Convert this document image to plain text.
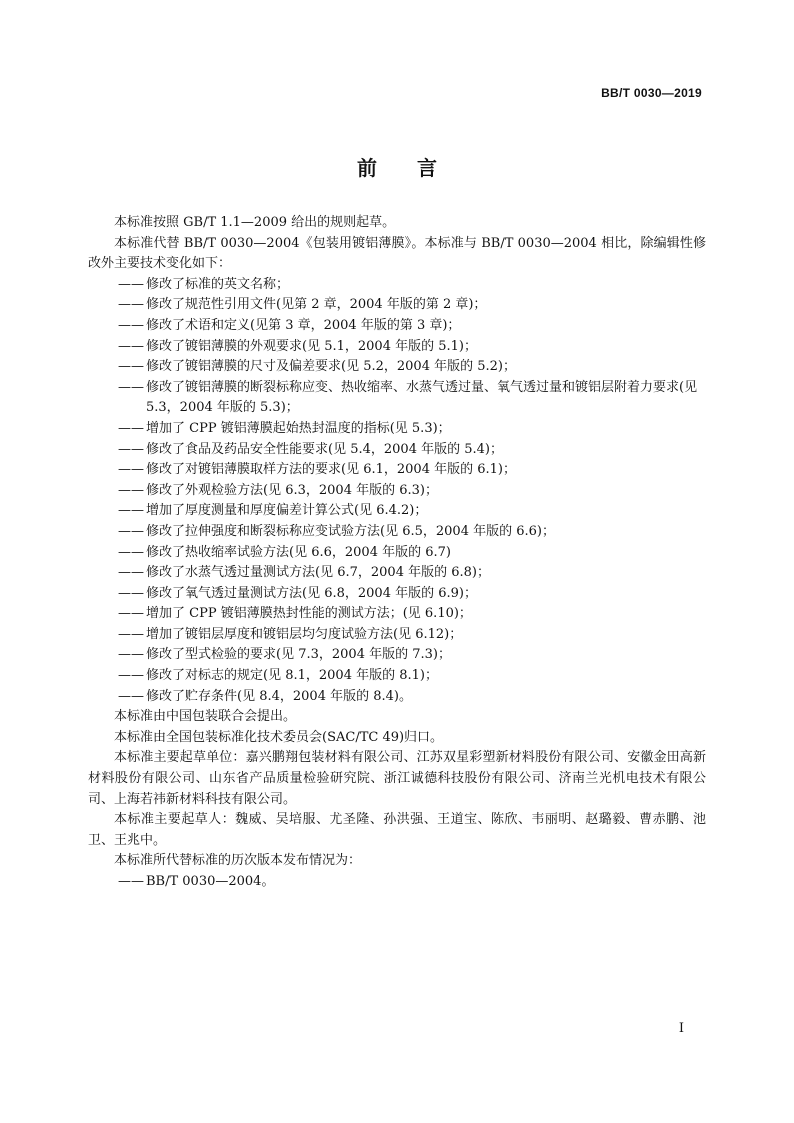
BB/T 0030—2019
前　　言

本标准按照 GB/T 1.1—2009 给出的规则起草。

本标准代替 BB/T 0030—2004《包装用镀铝薄膜》。本标准与 BB/T 0030—2004 相比，除编辑性修改外主要技术变化如下：

—— 修改了标准的英文名称；

—— 修改了规范性引用文件(见第 2 章，2004 年版的第 2 章)；

—— 修改了术语和定义(见第 3 章，2004 年版的第 3 章)；

—— 修改了镀铝薄膜的外观要求(见 5.1，2004 年版的 5.1)；

—— 修改了镀铝薄膜的尺寸及偏差要求(见 5.2，2004 年版的 5.2)；

—— 修改了镀铝薄膜的断裂标称应变、热收缩率、水蒸气透过量、氧气透过量和镀铝层附着力要求(见 5.3，2004 年版的 5.3)；

—— 增加了 CPP 镀铝薄膜起始热封温度的指标(见 5.3)；

—— 修改了食品及药品安全性能要求(见 5.4，2004 年版的 5.4)；

—— 修改了对镀铝薄膜取样方法的要求(见 6.1，2004 年版的 6.1)；

—— 修改了外观检验方法(见 6.3，2004 年版的 6.3)；

—— 增加了厚度测量和厚度偏差计算公式(见 6.4.2)；

—— 修改了拉伸强度和断裂标称应变试验方法(见 6.5，2004 年版的 6.6)；

—— 修改了热收缩率试验方法(见 6.6，2004 年版的 6.7)

—— 修改了水蒸气透过量测试方法(见 6.7，2004 年版的 6.8)；

—— 修改了氧气透过量测试方法(见 6.8，2004 年版的 6.9)；

—— 增加了 CPP 镀铝薄膜热封性能的测试方法；(见 6.10)；

—— 增加了镀铝层厚度和镀铝层均匀度试验方法(见 6.12)；

—— 修改了型式检验的要求(见 7.3，2004 年版的 7.3)；

—— 修改了对标志的规定(见 8.1，2004 年版的 8.1)；

—— 修改了贮存条件(见 8.4，2004 年版的 8.4)。

本标准由中国包装联合会提出。

本标准由全国包装标准化技术委员会(SAC/TC 49)归口。

本标准主要起草单位：嘉兴鹏翔包装材料有限公司、江苏双星彩塑新材料股份有限公司、安徽金田高新材料股份有限公司、山东省产品质量检验研究院、浙江诚德科技股份有限公司、济南兰光机电技术有限公司、上海若祎新材料科技有限公司。

本标准主要起草人：魏威、吴培服、尤圣隆、孙洪强、王道宝、陈欣、韦丽明、赵璐毅、曹赤鹏、池卫、王兆中。

本标准所代替标准的历次版本发布情况为：

—— BB/T 0030—2004。

I
